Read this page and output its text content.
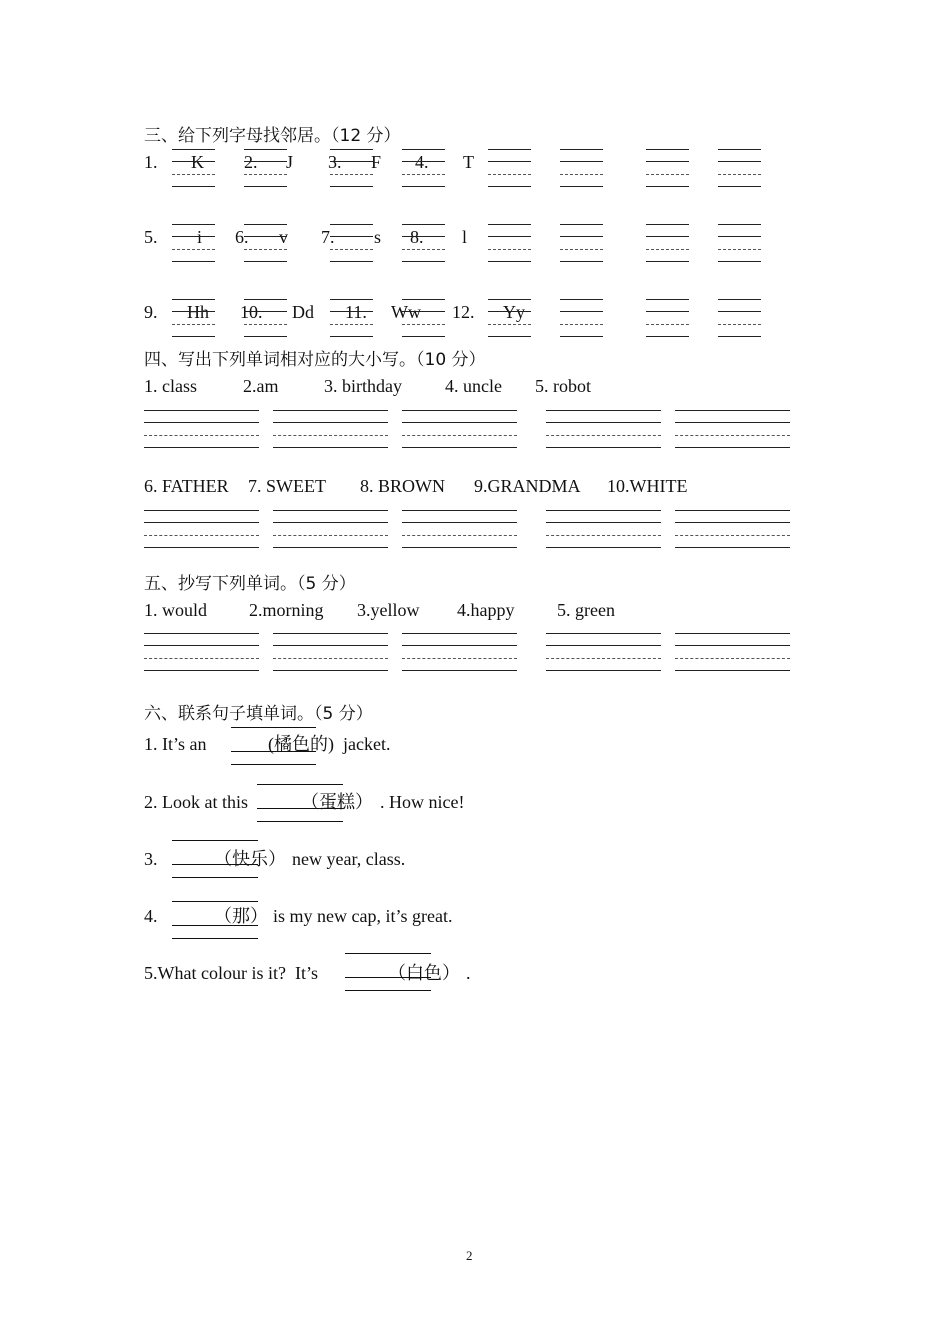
三、给下列字母找邻居。（12 分）
1. K 2. J 3. F 4. T
5. i 6. v 7. s 8. l
9. Hh 10. Dd 11. Ww 12. Yy
四、写出下列单词相对应的大小写。（10 分）
1. class	2.am	3. birthday 4. uncle 5. robot
6. FATHER 7. SWEET 8. BROWN 9.GRANDMA 10.WHITE
五、抄写下列单词。（5 分）
1. would 2.morning 3.yellow 4.happy 5. green
六、联系句子填单词。（5 分）
1. It’s an	(橘色的) jacket.
2. Look at this	（蛋糕） . How nice!
3.	（快乐） new year, class.
4.	（那） is my new cap, it’s great.
5.What colour is it?  It’s	（白色） .
2
